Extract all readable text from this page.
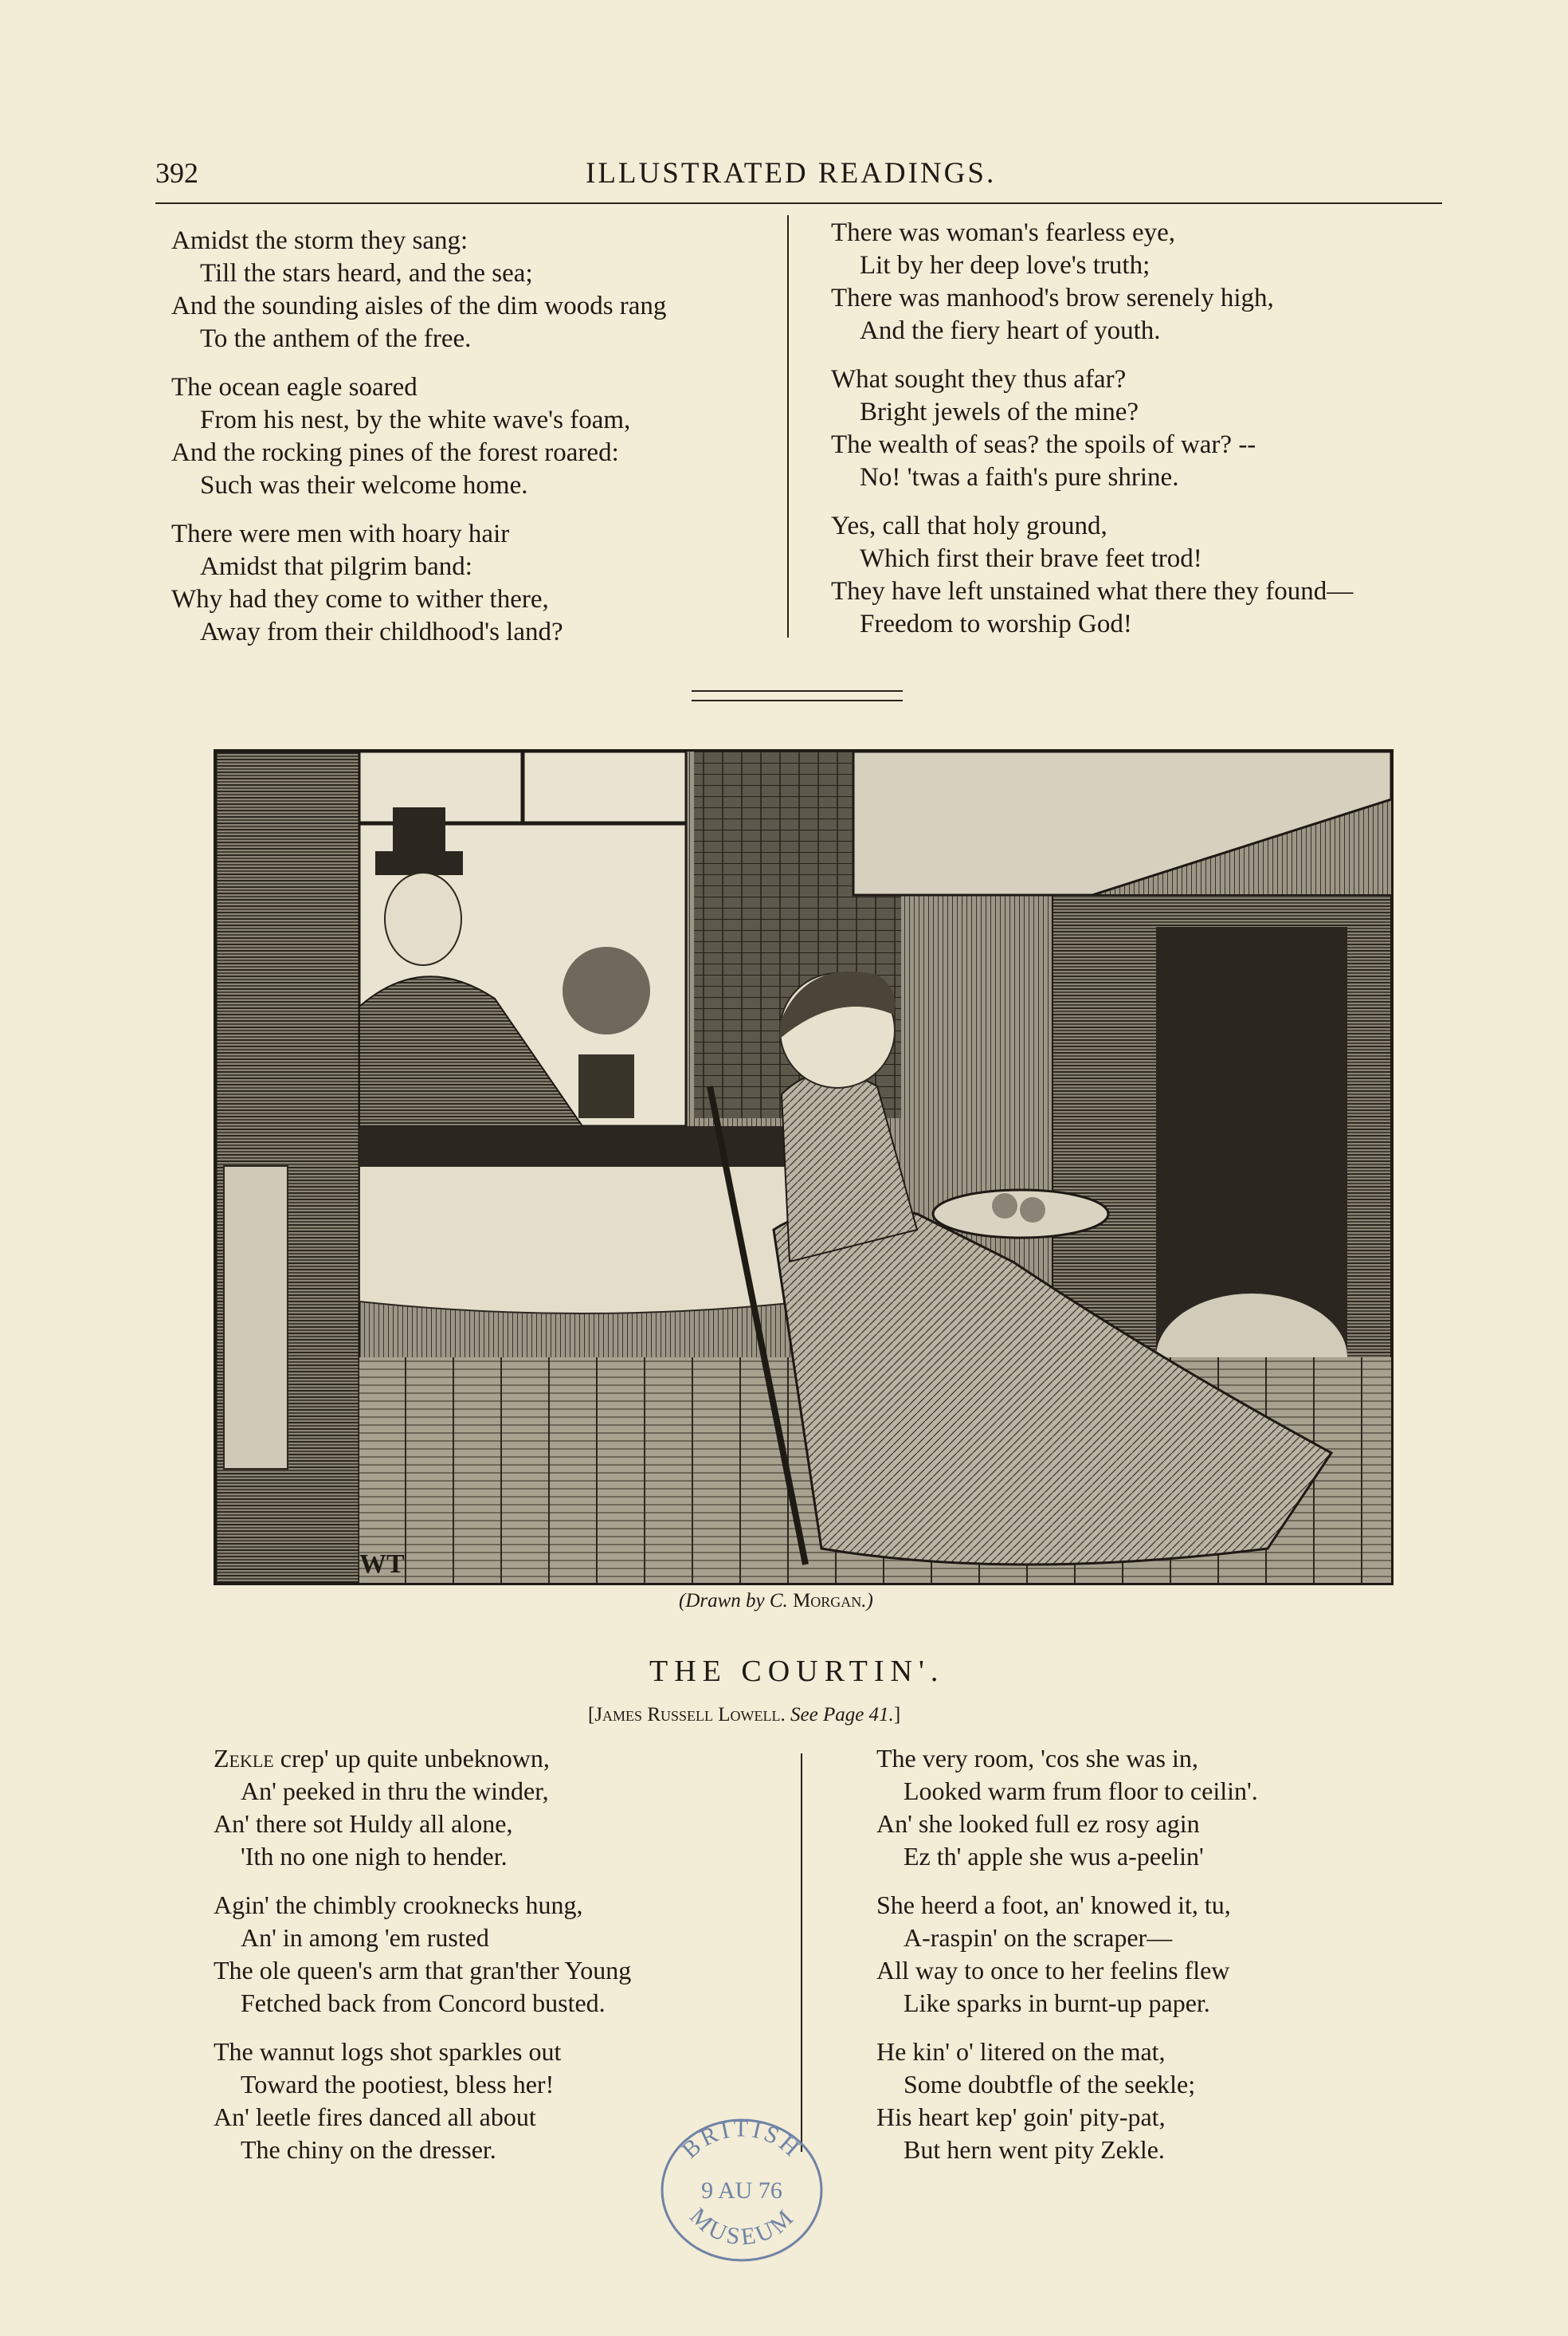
392	ILLUSTRATED READINGS.
Amidst the storm they sang:
Till the stars heard, and the sea;
And the sounding aisles of the dim woods rang
To the anthem of the free.
The ocean eagle soared
From his nest, by the white wave's foam,
And the rocking pines of the forest roared:
Such was their welcome home.
There were men with hoary hair
Amidst that pilgrim band:
Why had they come to wither there,
Away from their childhood's land?
There was woman's fearless eye,
Lit by her deep love's truth;
There was manhood's brow serenely high,
And the fiery heart of youth.
What sought they thus afar?
Bright jewels of the mine?
The wealth of seas? the spoils of war? --
No! 'twas a faith's pure shrine.
Yes, call that holy ground,
Which first their brave feet trod!
They have left unstained what there they found—
Freedom to worship God!
WT
(Drawn by C. Morgan.)
THE COURTIN'.
[James Russell Lowell. See Page 41.]
Zekle crep' up quite unbeknown,
An' peeked in thru the winder,
An' there sot Huldy all alone,
'Ith no one nigh to hender.
Agin' the chimbly crooknecks hung,
An' in among 'em rusted
The ole queen's arm that gran'ther Young
Fetched back from Concord busted.
The wannut logs shot sparkles out
Toward the pootiest, bless her!
An' leetle fires danced all about
The chiny on the dresser.
The very room, 'cos she was in,
Looked warm frum floor to ceilin'.
An' she looked full ez rosy agin
Ez th' apple she wus a-peelin'
She heerd a foot, an' knowed it, tu,
A-raspin' on the scraper—
All way to once to her feelins flew
Like sparks in burnt-up paper.
He kin' o' litered on the mat,
Some doubtfle of the seekle;
His heart kep' goin' pity-pat,
But hern went pity Zekle.
BRITISH
9 AU 76
MUSEUM
